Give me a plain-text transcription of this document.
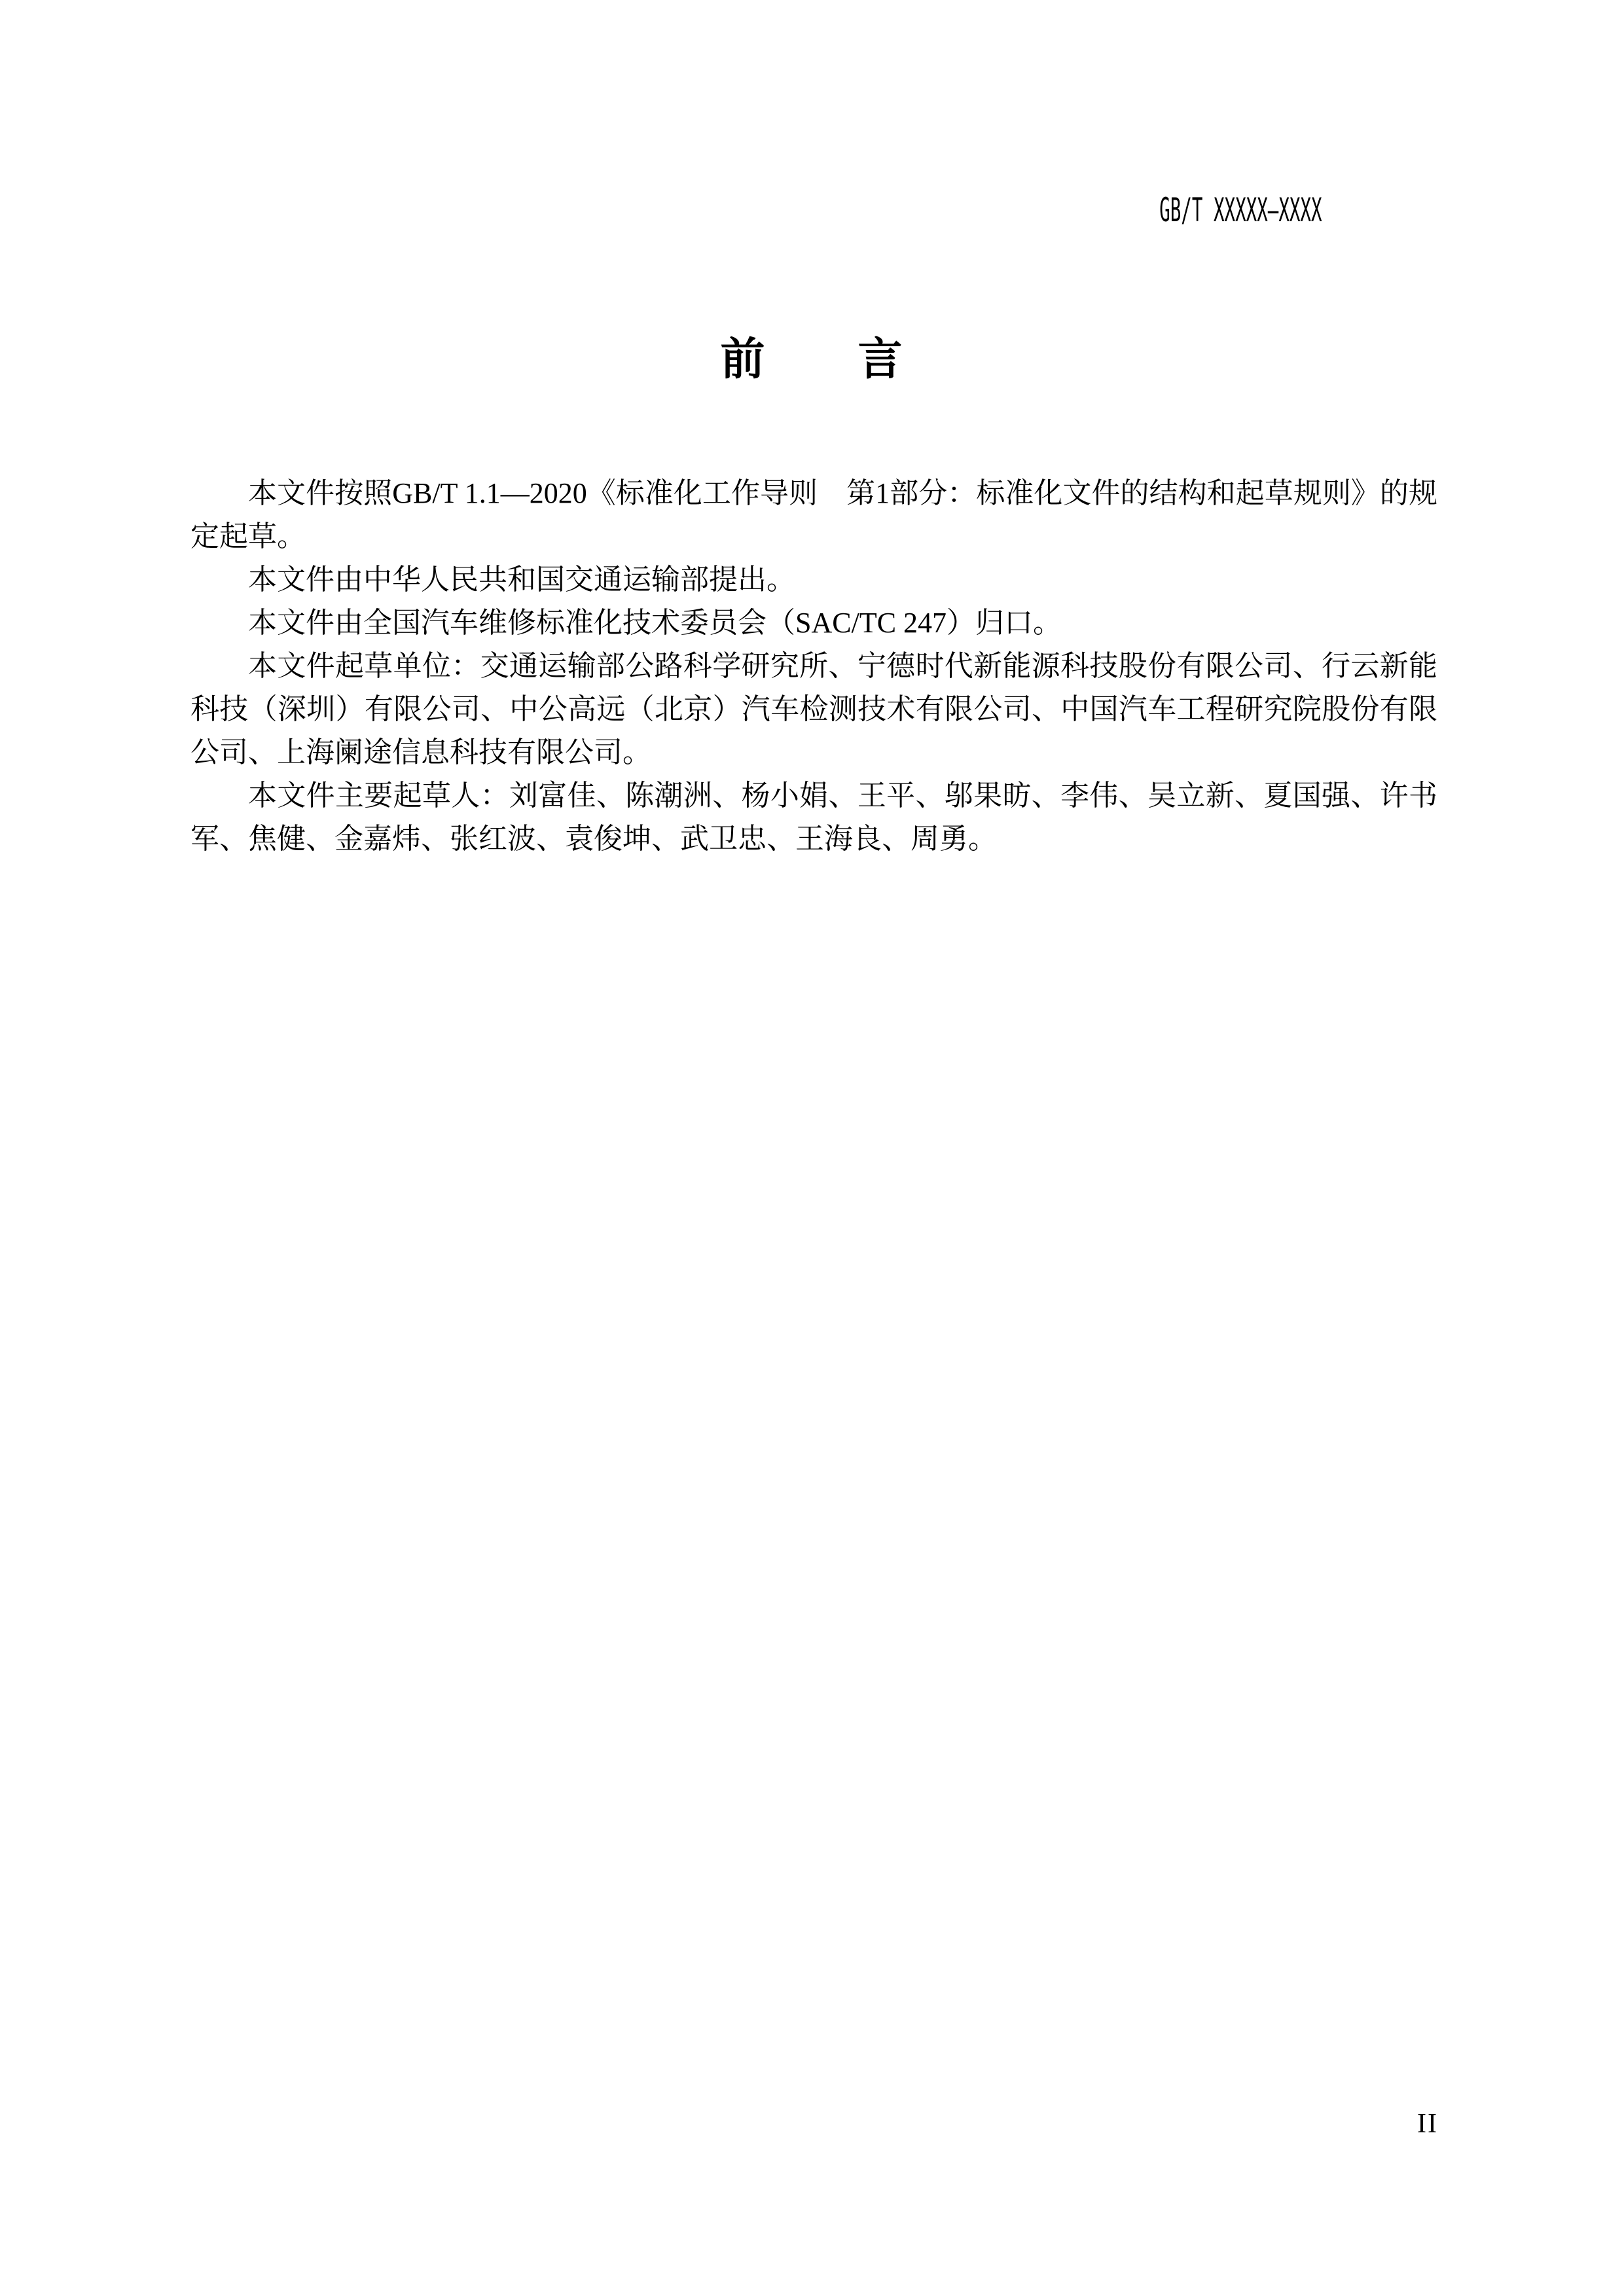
GB/T XXXXX—XXXX
前　　言

本文件按照GB/T 1.1—2020《标准化工作导则　第1部分：标准化文件的结构和起草规则》的规定起草。

本文件由中华人民共和国交通运输部提出。

本文件由全国汽车维修标准化技术委员会（SAC/TC 247）归口。

本文件起草单位：交通运输部公路科学研究所、宁德时代新能源科技股份有限公司、行云新能科技（深圳）有限公司、中公高远（北京）汽车检测技术有限公司、中国汽车工程研究院股份有限公司、上海阑途信息科技有限公司。

本文件主要起草人：刘富佳、陈潮洲、杨小娟、王平、邬果昉、李伟、吴立新、夏国强、许书军、焦健、金嘉炜、张红波、袁俊坤、武卫忠、王海良、周勇。

II
